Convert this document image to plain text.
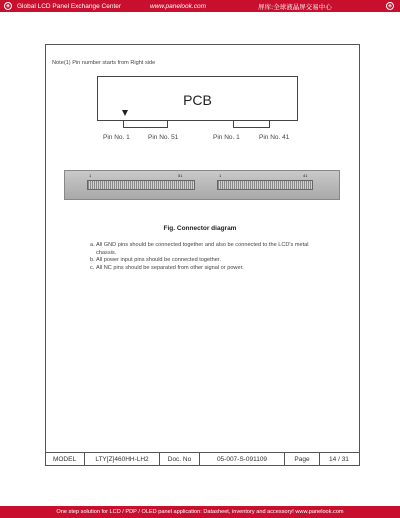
◈	Global LCD Panel Exchange Center	www.panelook.com	屏库:全球液晶屏交易中心	◈
Note(1) Pin number starts from Right side
PCB
Pin No. 1	Pin No. 51	Pin No. 1	Pin No. 41
51
1	41
1
Fig. Connector diagram
a. All GND pins should be connected together and also be connected to the LCD's metal chassis.
b. All power input pins should be connected together.
c. All NC pins should be separated from other signal or power.
MODEL	LTY[Z]460HH-LH2	Doc. No	05-007-S-091109	Page	14 / 31
One step solution for LCD / PDP / OLED panel application: Datasheet, inventory and accessory! www.panelook.com
